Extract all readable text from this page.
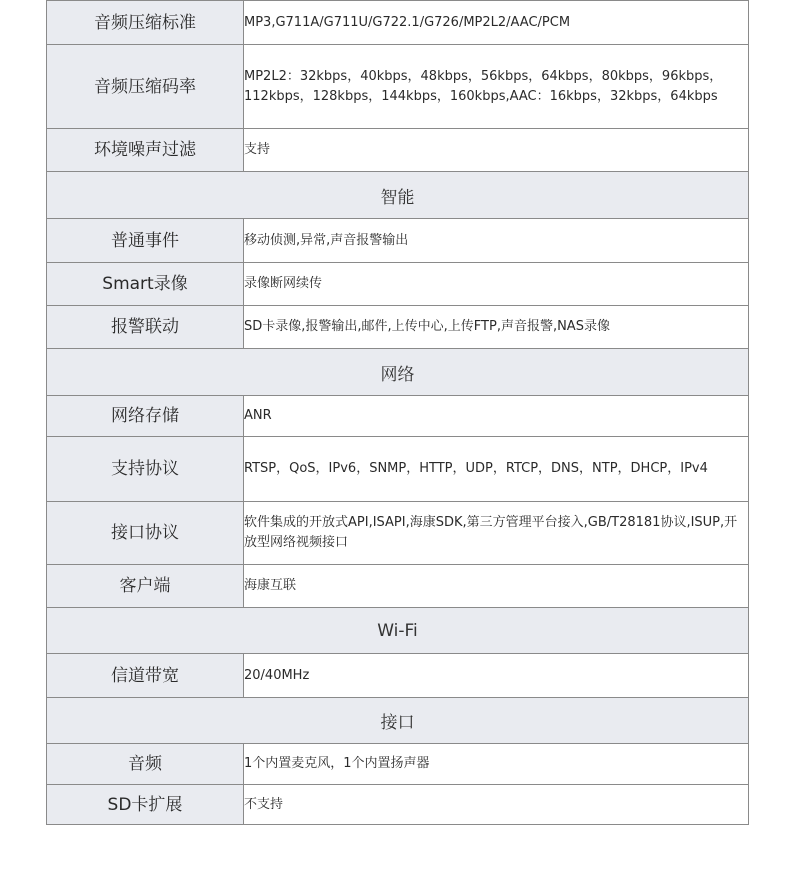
音频压缩标准	MP3,G711A/G711U/G722.1/G726/MP2L2/AAC/PCM
音频压缩码率	MP2L2：32kbps，40kbps，48kbps，56kbps，64kbps，80kbps，96kbps，112kbps，128kbps，144kbps，160kbps,AAC：16kbps，32kbps，64kbps
环境噪声过滤	支持
智能	
普通事件	移动侦测,异常,声音报警输出
Smart录像	录像断网续传
报警联动	SD卡录像,报警输出,邮件,上传中心,上传FTP,声音报警,NAS录像
网络	
网络存储	ANR
支持协议	RTSP，QoS，IPv6，SNMP，HTTP，UDP，RTCP，DNS，NTP，DHCP，IPv4
接口协议	软件集成的开放式API,ISAPI,海康SDK,第三方管理平台接入,GB/T28181协议,ISUP,开放型网络视频接口
客户端	海康互联
Wi-Fi	
信道带宽	20/40MHz
接口	
音频	1个内置麦克风，1个内置扬声器
SD卡扩展	不支持
